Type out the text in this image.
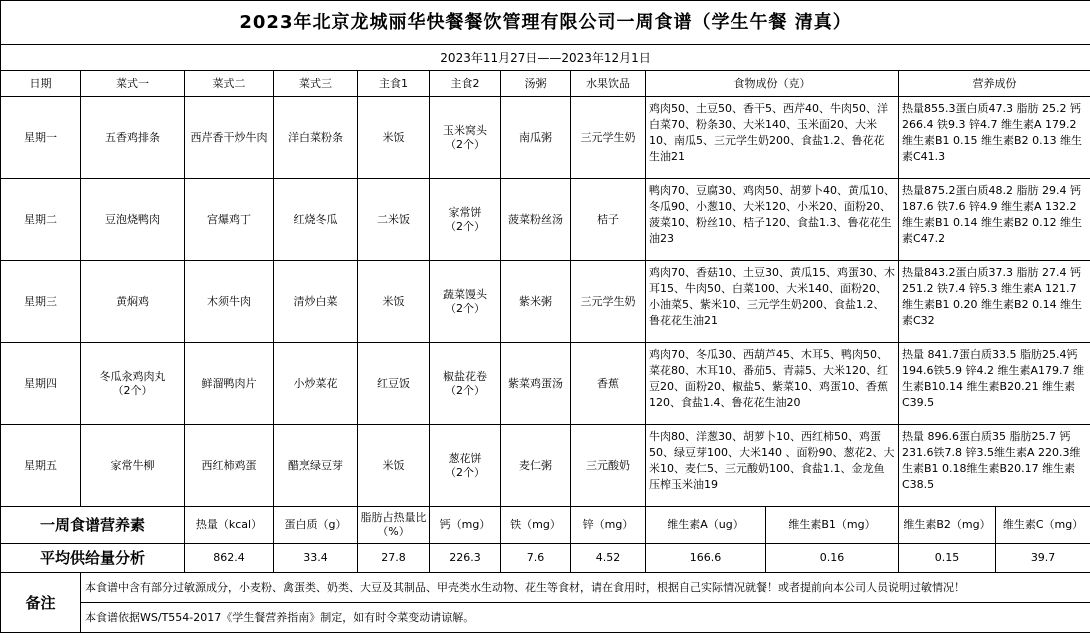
2023年北京龙城丽华快餐餐饮管理有限公司一周食谱（学生午餐 清真）											
2023年11月27日——2023年12月1日											
日期	菜式一	菜式二	菜式三	主食1	主食2	汤粥	水果饮品	食物成份（克）		营养成份	
星期一	五香鸡排条	西芹香干炒牛肉	洋白菜粉条	米饭	玉米窝头
（2个）	南瓜粥	三元学生奶	鸡肉50、土豆50、香干5、西芹40、牛肉50、洋白菜70、粉条30、大米140、玉米面20、大米10、南瓜5、三元学生奶200、食盐1.2、鲁花花生油21		热量855.3蛋白质47.3 脂肪 25.2 钙 266.4 铁9.3 锌4.7 维生素A 179.2 维生素B1 0.15 维生素B2 0.13 维生素C41.3	
星期二	豆泡烧鸭肉	宫爆鸡丁	红烧冬瓜	二米饭	家常饼
（2个）	菠菜粉丝汤	桔子	鸭肉70、豆腐30、鸡肉50、胡萝卜40、黄瓜10、冬瓜90、小葱10、大米120、小米20、面粉20、菠菜10、粉丝10、桔子120、食盐1.3、鲁花花生油23		热量875.2蛋白质48.2 脂肪 29.4 钙 187.6 铁7.6 锌4.9 维生素A 132.2 维生素B1 0.14 维生素B2 0.12 维生素C47.2	
星期三	黄焖鸡	木须牛肉	清炒白菜	米饭	蔬菜馒头
（2个）	紫米粥	三元学生奶	鸡肉70、香菇10、土豆30、黄瓜15、鸡蛋30、木耳15、牛肉50、白菜100、大米140、面粉20、小油菜5、紫米10、三元学生奶200、食盐1.2、鲁花花生油21		热量843.2蛋白质37.3 脂肪 27.4 钙 251.2 铁7.4 锌5.3 维生素A 121.7 维生素B1 0.20 维生素B2 0.14 维生素C32	
星期四	冬瓜汆鸡肉丸
（2个）	鲜溜鸭肉片	小炒菜花	红豆饭	椒盐花卷
（2个）	紫菜鸡蛋汤	香蕉	鸡肉70、冬瓜30、西葫芦45、木耳5、鸭肉50、菜花80、木耳10、番茄5、青蒜5、大米120、红豆20、面粉20、椒盐5、紫菜10、鸡蛋10、香蕉120、食盐1.4、鲁花花生油20		热量 841.7蛋白质33.5 脂肪25.4钙194.6铁5.9 锌4.2 维生素A179.7 维生素B10.14 维生素B20.21 维生素C39.5	
星期五	家常牛柳	西红柿鸡蛋	醋烹绿豆芽	米饭	葱花饼
（2个）	麦仁粥	三元酸奶	牛肉80、洋葱30、胡萝卜10、西红柿50、鸡蛋50、绿豆芽100、大米140 、面粉90、葱花2、大米10、麦仁5、三元酸奶100、食盐1.1、金龙鱼压榨玉米油19		热量 896.6蛋白质35 脂肪25.7 钙231.6铁7.8 锌3.5维生素A 220.3维生素B1 0.18维生素B20.17 维生素C38.5	
一周食谱营养素		热量（kcal）	蛋白质（g）	脂肪占热量比（%）	钙（mg）	铁（mg）	锌（mg）	维生素A（ug）	维生素B1（mg）	维生素B2（mg）	维生素C（mg）
平均供给量分析		862.4	33.4	27.8	226.3	7.6	4.52	166.6	0.16	0.15	39.7
备注	本食谱中含有部分过敏源成分，小麦粉、禽蛋类、奶类、大豆及其制品、甲壳类水生动物、花生等食材，请在食用时，根据自己实际情况就餐！或者提前向本公司人员说明过敏情况！										
	本食谱依据WS/T554-2017《学生餐营养指南》制定，如有时令菜变动请谅解。										
